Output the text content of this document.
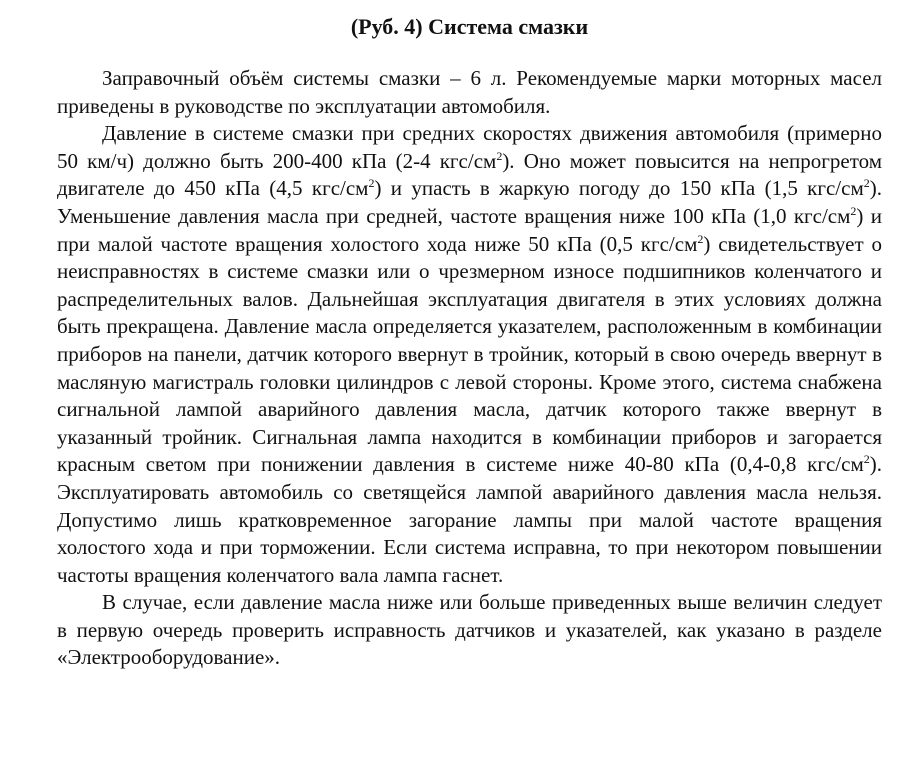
(Руб. 4) Система смазки

Заправочный объём системы смазки – 6 л. Рекомендуемые марки моторных масел приведены в руководстве по эксплуатации автомобиля.

Давление в системе смазки при средних скоростях движения автомобиля (примерно 50 км/ч) должно быть 200-400 кПа (2-4 кгс/$см^2$). Оно может повысится на непрогретом двигателе до 450 кПа (4,5 кгс/$см^2$) и упасть в жаркую погоду до 150 кПа (1,5 кгс/$см^2$). Уменьшение давления масла при средней, частоте вращения ниже 100 кПа (1,0 кгс/$см^2$) и при малой частоте вращения холостого хода ниже 50 кПа (0,5 кгс/$см^2$) свидетельствует о неисправностях в системе смазки или о чрезмерном износе подшипников коленчатого и распределительных валов. Дальнейшая эксплуатация двигателя в этих условиях должна быть прекращена. Давление масла определяется указателем, расположенным в комбинации приборов на панели, датчик которого ввернут в тройник, который в свою очередь ввернут в масляную магистраль головки цилиндров с левой стороны. Кроме этого, система снабжена сигнальной лампой аварийного давления масла, датчик которого также ввернут в указанный тройник. Сигнальная лампа находится в комбинации приборов и загорается красным светом при понижении давления в системе ниже 40-80 кПа (0,4-0,8 кгс/$см^2$). Эксплуатировать автомобиль со светящейся лампой аварийного давления масла нельзя. Допустимо лишь кратковременное загорание лампы при малой частоте вращения холостого хода и при торможении. Если система исправна, то при некотором повышении частоты вращения коленчатого вала лампа гаснет.

В случае, если давление масла ниже или больше приведенных выше величин следует в первую очередь проверить исправность датчиков и указателей, как указано в разделе «Электрооборудование».
